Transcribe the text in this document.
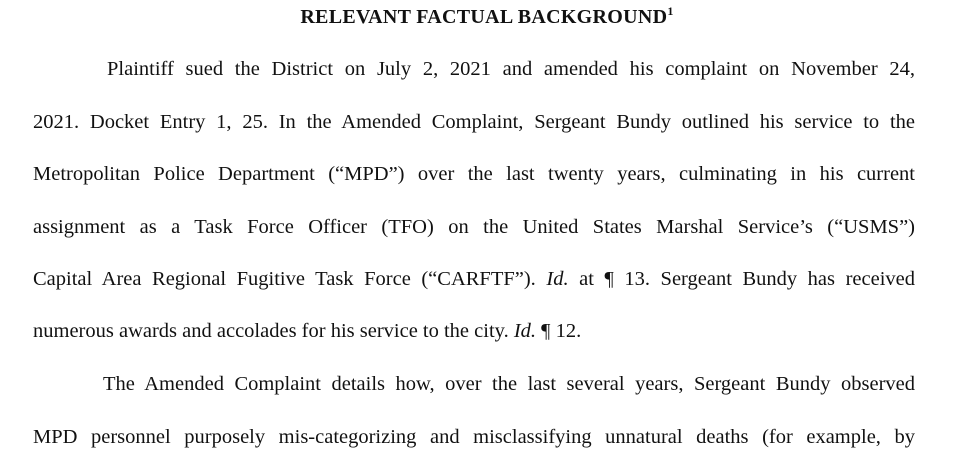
RELEVANT FACTUAL BACKGROUND$^1$
Plaintiff sued the District on July 2, 2021 and amended his complaint on November 24,
2021. Docket Entry 1, 25. In the Amended Complaint, Sergeant Bundy outlined his service to the
Metropolitan Police Department (“MPD”) over the last twenty years, culminating in his current
assignment as a Task Force Officer (TFO) on the United States Marshal Service’s (“USMS”)
Capital Area Regional Fugitive Task Force (“CARFTF”). Id. at ¶ 13. Sergeant Bundy has received
numerous awards and accolades for his service to the city. Id. ¶ 12.
The Amended Complaint details how, over the last several years, Sergeant Bundy observed
MPD personnel purposely mis-categorizing and misclassifying unnatural deaths (for example, by
